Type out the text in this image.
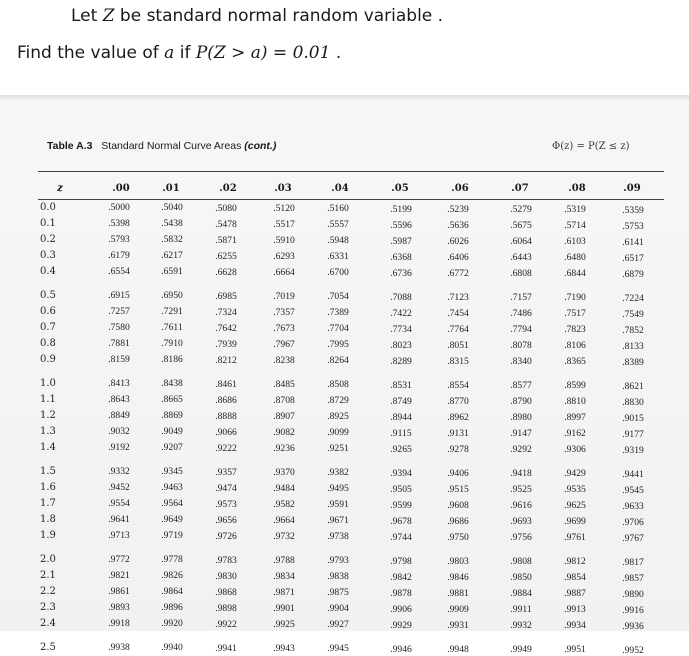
Let Z be standard normal random variable .
Find the value of a if P(Z > a) = 0.01 .
Table A.3 Standard Normal Curve Areas (cont.)	Φ(z) = P(Z ≤ z)
z	.00	.01	.02	.03	.04	.05	.06	.07	.08	.09
0.0	.5000	.5040	.5080	.5120	.5160	.5199	.5239	.5279	.5319	.5359
0.1	.5398	.5438	.5478	.5517	.5557	.5596	.5636	.5675	.5714	.5753
0.2	.5793	.5832	.5871	.5910	.5948	.5987	.6026	.6064	.6103	.6141
0.3	.6179	.6217	.6255	.6293	.6331	.6368	.6406	.6443	.6480	.6517
0.4	.6554	.6591	.6628	.6664	.6700	.6736	.6772	.6808	.6844	.6879
0.5	.6915	.6950	.6985	.7019	.7054	.7088	.7123	.7157	.7190	.7224
0.6	.7257	.7291	.7324	.7357	.7389	.7422	.7454	.7486	.7517	.7549
0.7	.7580	.7611	.7642	.7673	.7704	.7734	.7764	.7794	.7823	.7852
0.8	.7881	.7910	.7939	.7967	.7995	.8023	.8051	.8078	.8106	.8133
0.9	.8159	.8186	.8212	.8238	.8264	.8289	.8315	.8340	.8365	.8389
1.0	.8413	.8438	.8461	.8485	.8508	.8531	.8554	.8577	.8599	.8621
1.1	.8643	.8665	.8686	.8708	.8729	.8749	.8770	.8790	.8810	.8830
1.2	.8849	.8869	.8888	.8907	.8925	.8944	.8962	.8980	.8997	.9015
1.3	.9032	.9049	.9066	.9082	.9099	.9115	.9131	.9147	.9162	.9177
1.4	.9192	.9207	.9222	.9236	.9251	.9265	.9278	.9292	.9306	.9319
1.5	.9332	.9345	.9357	.9370	.9382	.9394	.9406	.9418	.9429	.9441
1.6	.9452	.9463	.9474	.9484	.9495	.9505	.9515	.9525	.9535	.9545
1.7	.9554	.9564	.9573	.9582	.9591	.9599	.9608	.9616	.9625	.9633
1.8	.9641	.9649	.9656	.9664	.9671	.9678	.9686	.9693	.9699	.9706
1.9	.9713	.9719	.9726	.9732	.9738	.9744	.9750	.9756	.9761	.9767
2.0	.9772	.9778	.9783	.9788	.9793	.9798	.9803	.9808	.9812	.9817
2.1	.9821	.9826	.9830	.9834	.9838	.9842	.9846	.9850	.9854	.9857
2.2	.9861	.9864	.9868	.9871	.9875	.9878	.9881	.9884	.9887	.9890
2.3	.9893	.9896	.9898	.9901	.9904	.9906	.9909	.9911	.9913	.9916
2.4	.9918	.9920	.9922	.9925	.9927	.9929	.9931	.9932	.9934	.9936
2.5	.9938	.9940	.9941	.9943	.9945	.9946	.9948	.9949	.9951	.9952
